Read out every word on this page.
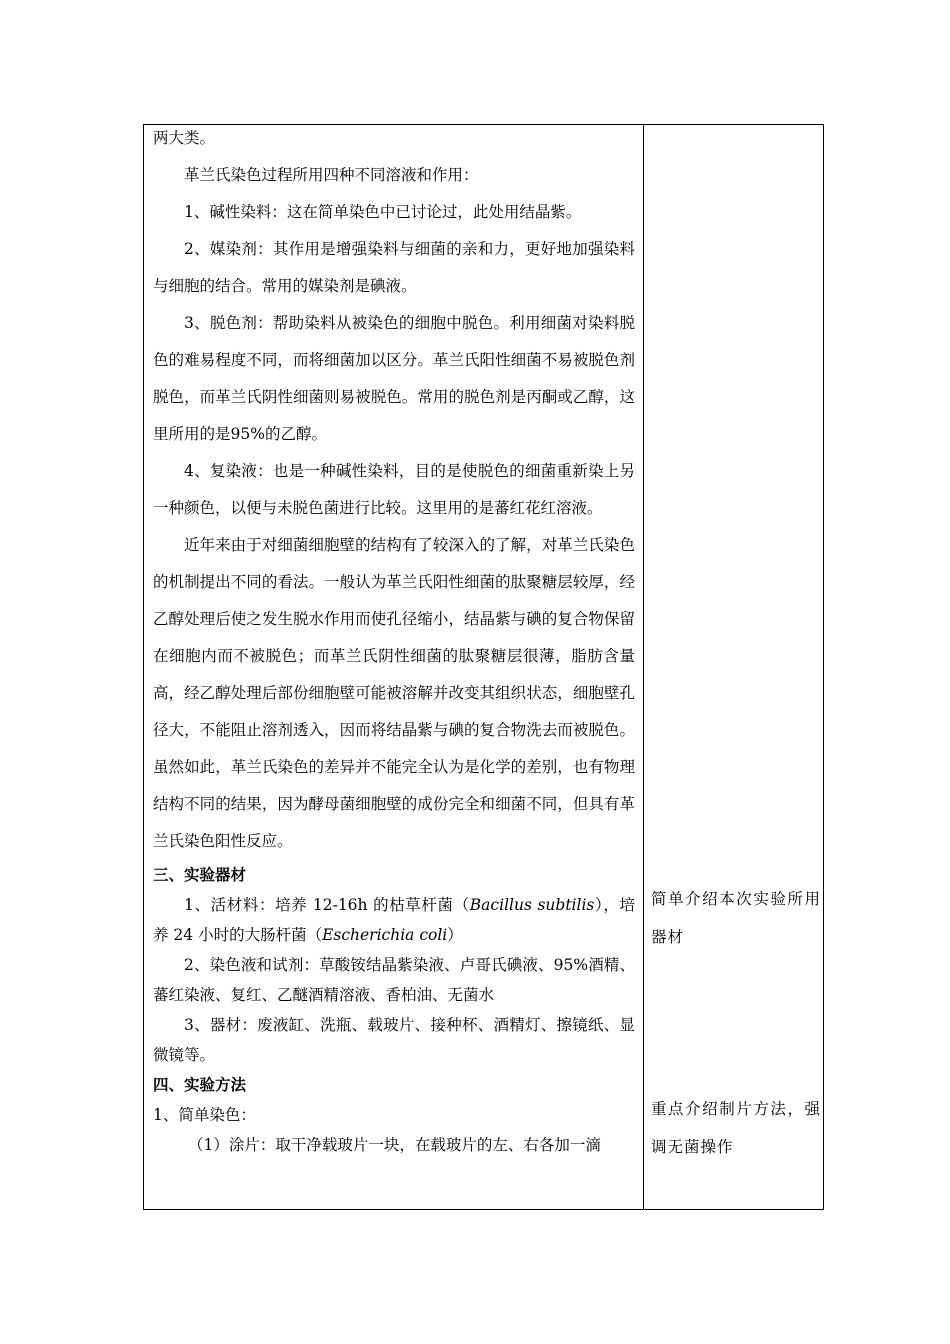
两大类。

革兰氏染色过程所用四种不同溶液和作用：

1、碱性染料：这在简单染色中已讨论过，此处用结晶紫。

2、媒染剂：其作用是增强染料与细菌的亲和力，更好地加强染料与细胞的结合。常用的媒染剂是碘液。

3、脱色剂：帮助染料从被染色的细胞中脱色。利用细菌对染料脱色的难易程度不同，而将细菌加以区分。革兰氏阳性细菌不易被脱色剂脱色，而革兰氏阴性细菌则易被脱色。常用的脱色剂是丙酮或乙醇，这里所用的是95%的乙醇。

4、复染液：也是一种碱性染料，目的是使脱色的细菌重新染上另一种颜色，以便与未脱色菌进行比较。这里用的是蕃红花红溶液。

近年来由于对细菌细胞壁的结构有了较深入的了解，对革兰氏染色的机制提出不同的看法。一般认为革兰氏阳性细菌的肽聚糖层较厚，经乙醇处理后使之发生脱水作用而使孔径缩小，结晶紫与碘的复合物保留在细胞内而不被脱色；而革兰氏阴性细菌的肽聚糖层很薄，脂肪含量高，经乙醇处理后部份细胞壁可能被溶解并改变其组织状态，细胞壁孔径大，不能阻止溶剂透入，因而将结晶紫与碘的复合物洗去而被脱色。虽然如此，革兰氏染色的差异并不能完全认为是化学的差别，也有物理结构不同的结果，因为酵母菌细胞壁的成份完全和细菌不同，但具有革兰氏染色阳性反应。

三、实验器材

1、活材料：培养 12-16h 的枯草杆菌（Bacillus subtilis），培养 24 小时的大肠杆菌（Escherichia coli）

2、染色液和试剂：草酸铵结晶紫染液、卢哥氏碘液、95%酒精、蕃红染液、复红、乙醚酒精溶液、香柏油、无菌水

3、器材：废液缸、洗瓶、载玻片、接种杯、酒精灯、擦镜纸、显微镜等。

四、实验方法

1、简单染色：

（1）涂片：取干净载玻片一块，在载玻片的左、右各加一滴

简单介绍本次实验所用器材

重点介绍制片方法，强调无菌操作
